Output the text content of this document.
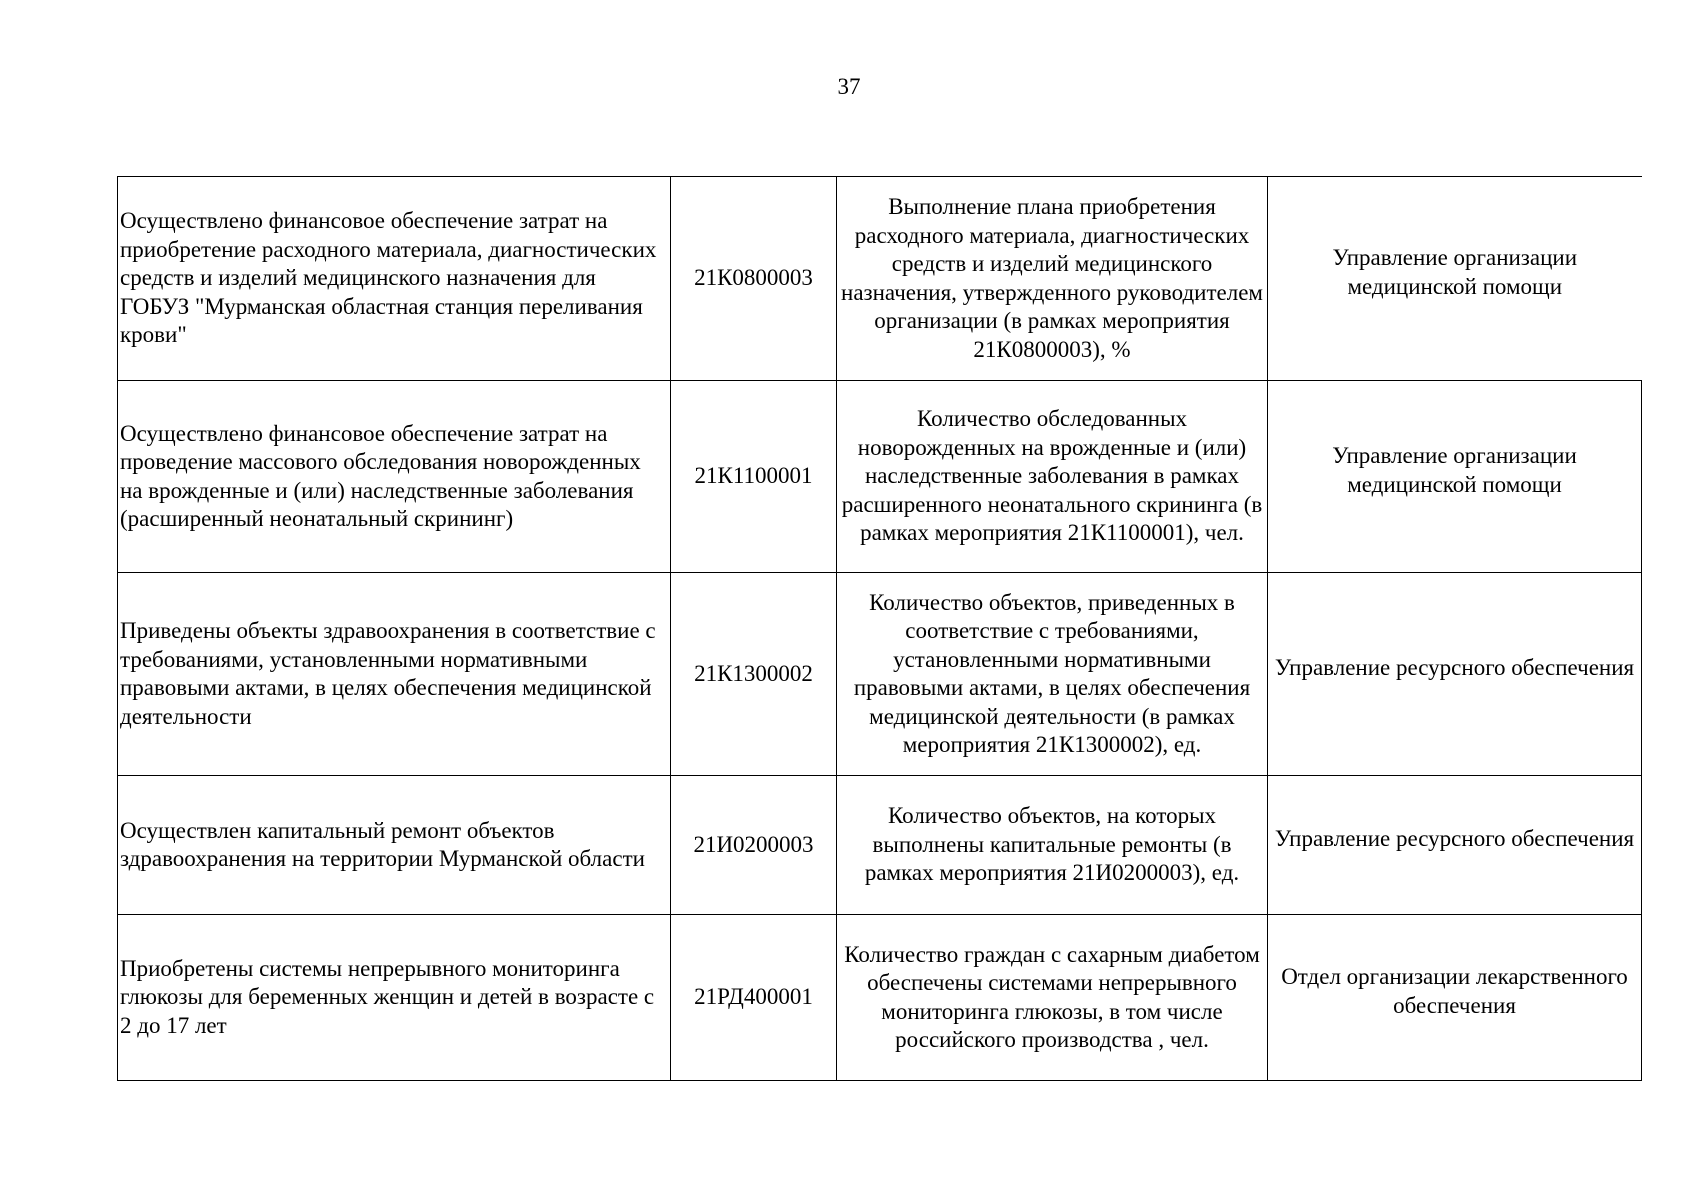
37
Осуществлено финансовое обеспечение затрат на приобретение расходного материала, диагностических средств и изделий медицинского назначения для ГОБУЗ "Мурманская областная станция переливания крови"	21К0800003	Выполнение плана приобретения расходного материала, диагностических средств и изделий медицинского назначения, утвержденного руководителем организации (в рамках мероприятия 21К0800003), %	Управление организации медицинской помощи

Осуществлено финансовое обеспечение затрат на проведение массового обследования новорожденных на врожденные и (или) наследственные заболевания (расширенный неонатальный скрининг)	21К1100001	Количество обследованных новорожденных на врожденные и (или) наследственные заболевания в рамках расширенного неонатального скрининга (в рамках мероприятия 21К1100001), чел.	Управление организации медицинской помощи

Приведены объекты здравоохранения в соответствие с требованиями, установленными нормативными правовыми актами, в целях обеспечения медицинской деятельности	21К1300002	Количество объектов, приведенных в соответствие с требованиями, установленными нормативными правовыми актами, в целях обеспечения медицинской деятельности (в рамках мероприятия 21К1300002), ед.	Управление ресурсного обеспечения

Осуществлен капитальный ремонт объектов здравоохранения на территории Мурманской области	21И0200003	Количество объектов, на которых выполнены капитальные ремонты (в рамках мероприятия 21И0200003), ед.	Управление ресурсного обеспечения

Приобретены системы непрерывного мониторинга глюкозы для беременных женщин и детей в возрасте с 2 до 17 лет	21РД400001	Количество граждан с сахарным диабетом обеспечены системами непрерывного мониторинга глюкозы, в том числе российского производства , чел.	Отдел организации лекарственного обеспечения
